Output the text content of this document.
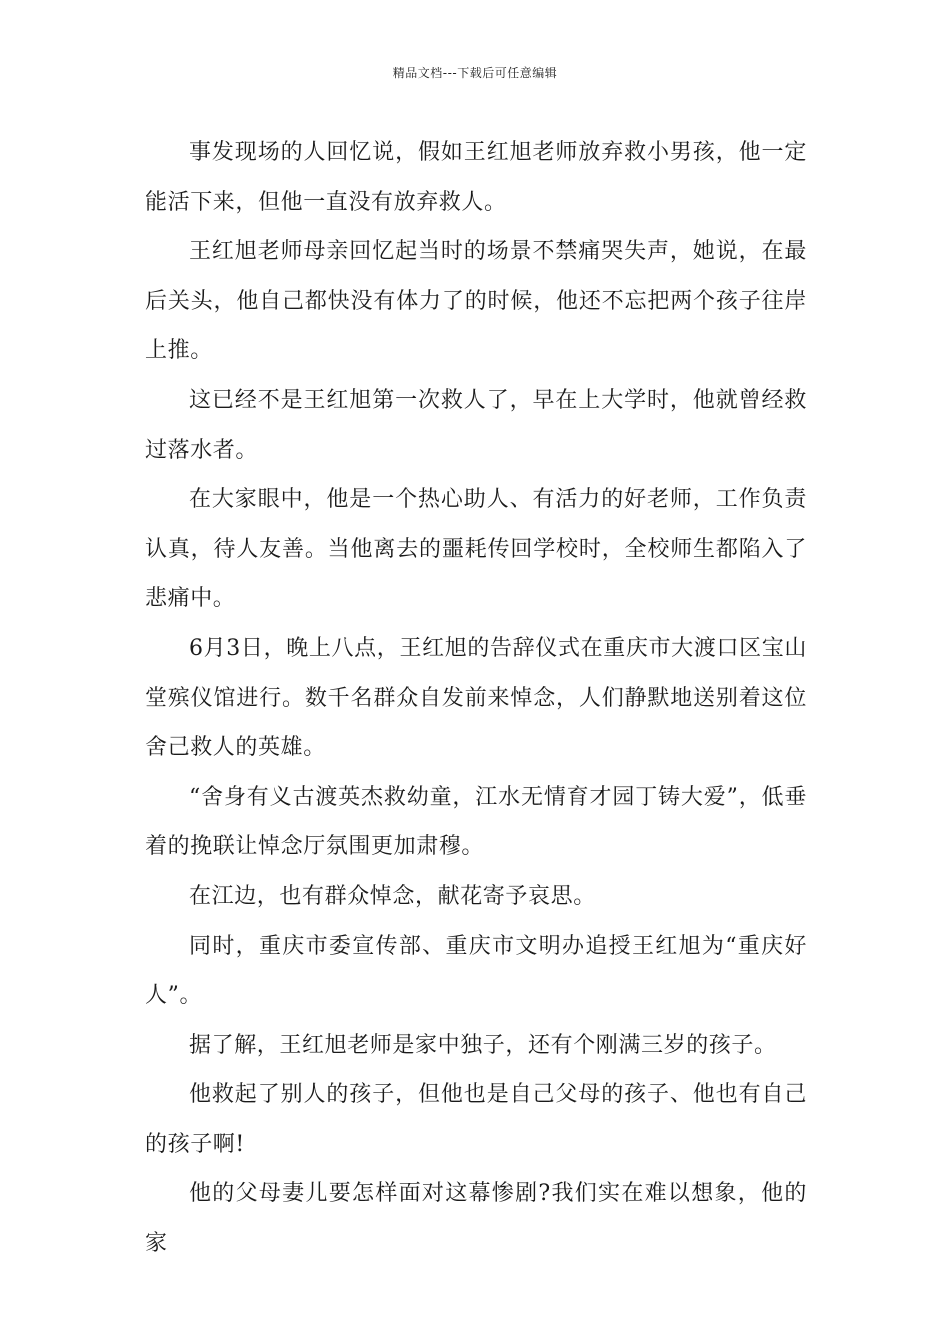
精品文档---下载后可任意编辑

事发现场的人回忆说，假如王红旭老师放弃救小男孩，他一定能活下来，但他一直没有放弃救人。

王红旭老师母亲回忆起当时的场景不禁痛哭失声，她说，在最后关头，他自己都快没有体力了的时候，他还不忘把两个孩子往岸上推。

这已经不是王红旭第一次救人了，早在上大学时，他就曾经救过落水者。

在大家眼中，他是一个热心助人、有活力的好老师，工作负责认真，待人友善。当他离去的噩耗传回学校时，全校师生都陷入了悲痛中。

6月3日，晚上八点，王红旭的告辞仪式在重庆市大渡口区宝山堂殡仪馆进行。数千名群众自发前来悼念，人们静默地送别着这位舍己救人的英雄。

“舍身有义古渡英杰救幼童，江水无情育才园丁铸大爱”，低垂着的挽联让悼念厅氛围更加肃穆。

在江边，也有群众悼念，献花寄予哀思。

同时，重庆市委宣传部、重庆市文明办追授王红旭为“重庆好人”。

据了解，王红旭老师是家中独子，还有个刚满三岁的孩子。

他救起了别人的孩子，但他也是自己父母的孩子、他也有自己的孩子啊!

他的父母妻儿要怎样面对这幕惨剧?我们实在难以想象，他的家
